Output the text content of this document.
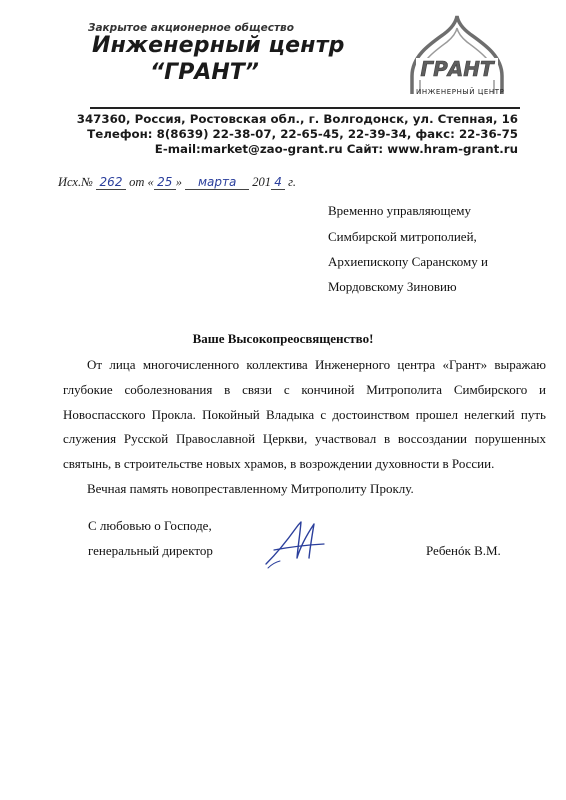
Закрытое акционерное общество
Инженерный центр
“ГРАНТ”	ГРАНТ
ИНЖЕНЕРНЫЙ ЦЕНТР
347360, Россия, Ростовская обл., г. Волгодонск, ул. Степная, 16
Телефон: 8(8639) 22-38-07, 22-65-45, 22-39-34, факс: 22-36-75
E-mail:market@zao-grant.ru Сайт: www.hram-grant.ru
Исх.№ 262 от « 25 » марта 201 4 г.
Временно управляющему
Симбирской митрополией,
Архиепископу Саранскому и
Мордовскому Зиновию
Ваше Высокопреосвященство!

От лица многочисленного коллектива Инженерного центра «Грант» выражаю глубокие соболезнования в связи с кончиной Митрополита Симбирского и Новоспасского Прокла. Покойный Владыка с достоинством прошел нелегкий путь служения Русской Православной Церкви, участвовал в воссоздании порушенных святынь, в строительстве новых храмов, в возрождении духовности в России.

Вечная память новопреставленному Митрополиту Проклу.

С любовью о Господе,
генеральный директор	Ребенóк В.М.
